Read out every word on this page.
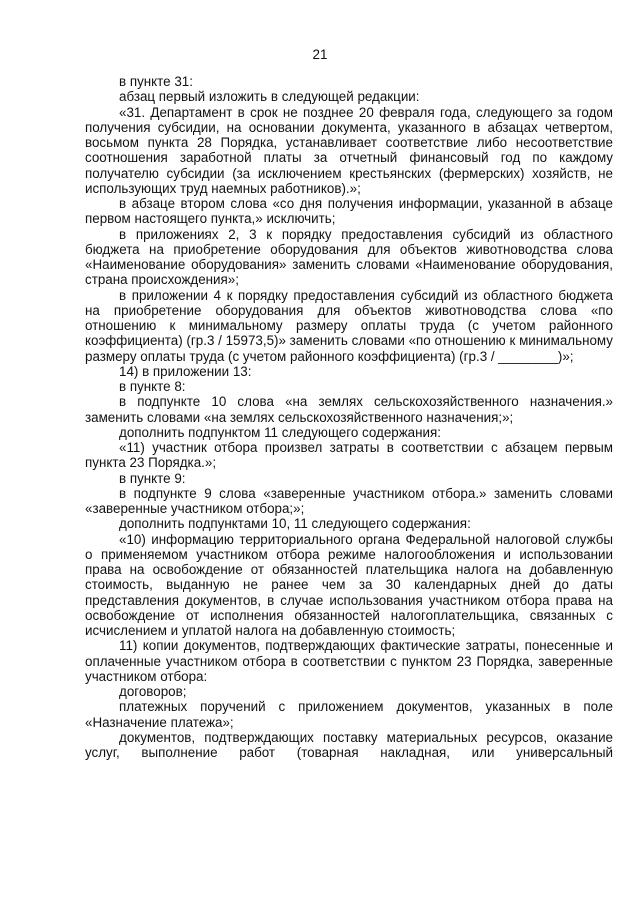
21

в пункте 31:

абзац первый изложить в следующей редакции:

«31. Департамент в срок не позднее 20 февраля года, следующего за годом получения субсидии, на основании документа, указанного в абзацах четвертом, восьмом пункта 28 Порядка, устанавливает соответствие либо несоответствие соотношения заработной платы за отчетный финансовый год по каждому получателю субсидии (за исключением крестьянских (фермерских) хозяйств, не использующих труд наемных работников).»;

в абзаце втором слова «со дня получения информации, указанной в абзаце первом настоящего пункта,» исключить;

в приложениях 2, 3 к порядку предоставления субсидий из областного бюджета на приобретение оборудования для объектов животноводства слова «Наименование оборудования» заменить словами «Наименование оборудования, страна происхождения»;

в приложении 4 к порядку предоставления субсидий из областного бюджета на приобретение оборудования для объектов животноводства слова «по отношению к минимальному размеру оплаты труда (с учетом районного коэффициента) (гр.3 / 15973,5)» заменить словами «по отношению к минимальному размеру оплаты труда (с учетом районного коэффициента) (гр.3 / ________)»;

14) в приложении 13:

в пункте 8:

в подпункте 10 слова «на землях сельскохозяйственного назначения.» заменить словами «на землях сельскохозяйственного назначения;»;

дополнить подпунктом 11 следующего содержания:

«11) участник отбора произвел затраты в соответствии с абзацем первым пункта 23 Порядка.»;

в пункте 9:

в подпункте 9 слова «заверенные участником отбора.» заменить словами «заверенные участником отбора;»;

дополнить подпунктами 10, 11 следующего содержания:

«10) информацию территориального органа Федеральной налоговой службы о применяемом участником отбора режиме налогообложения и использовании права на освобождение от обязанностей плательщика налога на добавленную стоимость, выданную не ранее чем за 30 календарных дней до даты представления документов, в случае использования участником отбора права на освобождение от исполнения обязанностей налогоплательщика, связанных с исчислением и уплатой налога на добавленную стоимость;

11) копии документов, подтверждающих фактические затраты, понесенные и оплаченные участником отбора в соответствии с пунктом 23 Порядка, заверенные участником отбора:

договоров;

платежных поручений с приложением документов, указанных в поле «Назначение платежа»;

документов, подтверждающих поставку материальных ресурсов, оказание услуг, выполнение работ (товарная накладная, или универсальный
